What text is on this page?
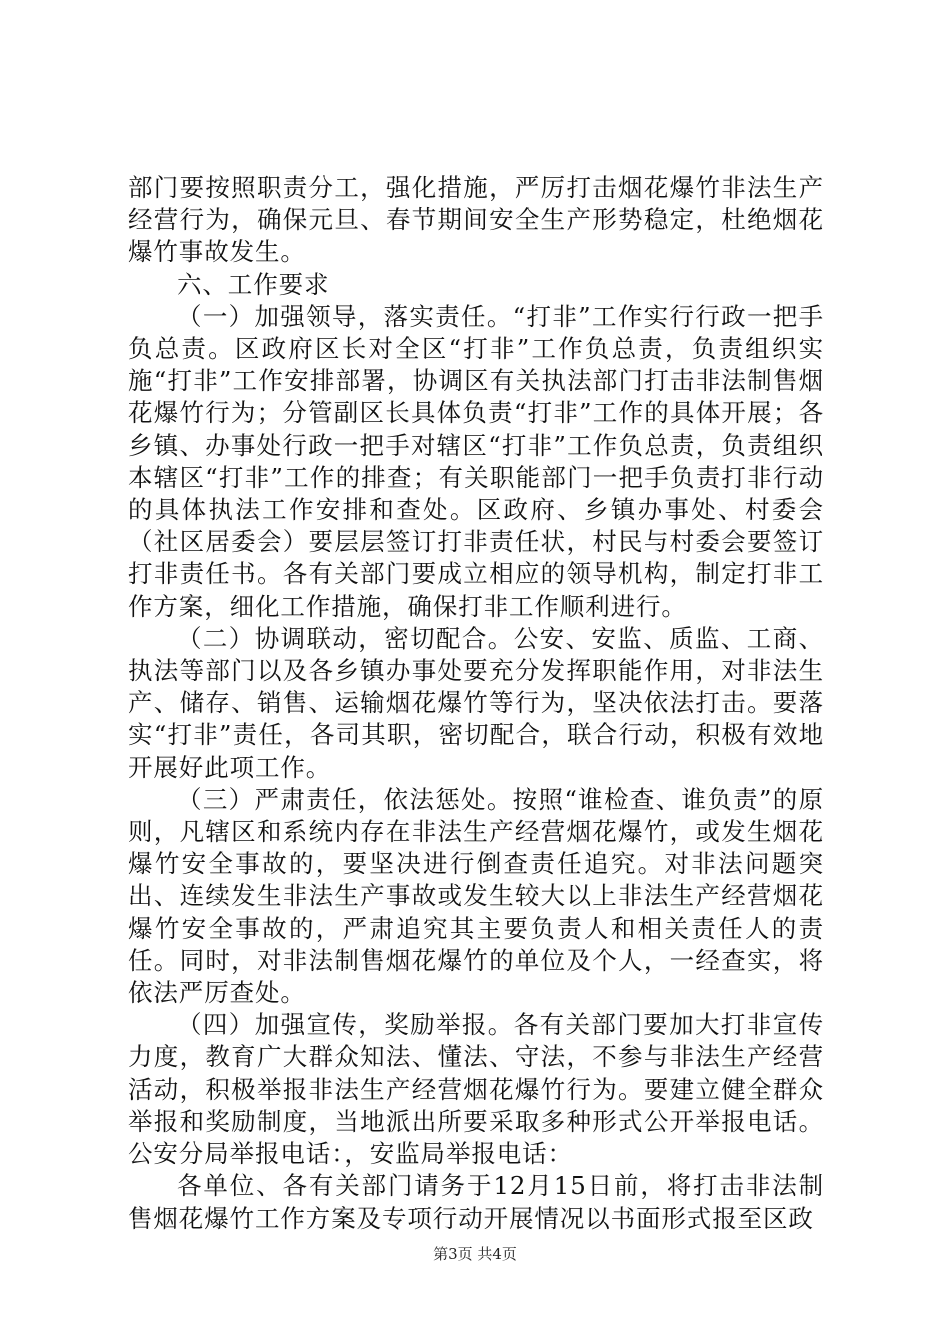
部门要按照职责分工，强化措施，严厉打击烟花爆竹非法生产经营行为，确保元旦、春节期间安全生产形势稳定，杜绝烟花爆竹事故发生。

六、工作要求

（一）加强领导，落实责任。“打非”工作实行行政一把手负总责。区政府区长对全区“打非”工作负总责，负责组织实施“打非”工作安排部署，协调区有关执法部门打击非法制售烟花爆竹行为；分管副区长具体负责“打非”工作的具体开展；各乡镇、办事处行政一把手对辖区“打非”工作负总责，负责组织本辖区“打非”工作的排查；有关职能部门一把手负责打非行动的具体执法工作安排和查处。区政府、乡镇办事处、村委会（社区居委会）要层层签订打非责任状，村民与村委会要签订打非责任书。各有关部门要成立相应的领导机构，制定打非工作方案，细化工作措施，确保打非工作顺利进行。

（二）协调联动，密切配合。公安、安监、质监、工商、执法等部门以及各乡镇办事处要充分发挥职能作用，对非法生产、储存、销售、运输烟花爆竹等行为，坚决依法打击。要落实“打非”责任，各司其职，密切配合，联合行动，积极有效地开展好此项工作。

（三）严肃责任，依法惩处。按照“谁检查、谁负责”的原则，凡辖区和系统内存在非法生产经营烟花爆竹，或发生烟花爆竹安全事故的，要坚决进行倒查责任追究。对非法问题突出、连续发生非法生产事故或发生较大以上非法生产经营烟花爆竹安全事故的，严肃追究其主要负责人和相关责任人的责任。同时，对非法制售烟花爆竹的单位及个人，一经查实，将依法严厉查处。

（四）加强宣传，奖励举报。各有关部门要加大打非宣传力度，教育广大群众知法、懂法、守法，不参与非法生产经营活动，积极举报非法生产经营烟花爆竹行为。要建立健全群众举报和奖励制度，当地派出所要采取多种形式公开举报电话。公安分局举报电话：，安监局举报电话：

各单位、各有关部门请务于12月15日前，将打击非法制售烟花爆竹工作方案及专项行动开展情况以书面形式报至区政

第3页 共4页
